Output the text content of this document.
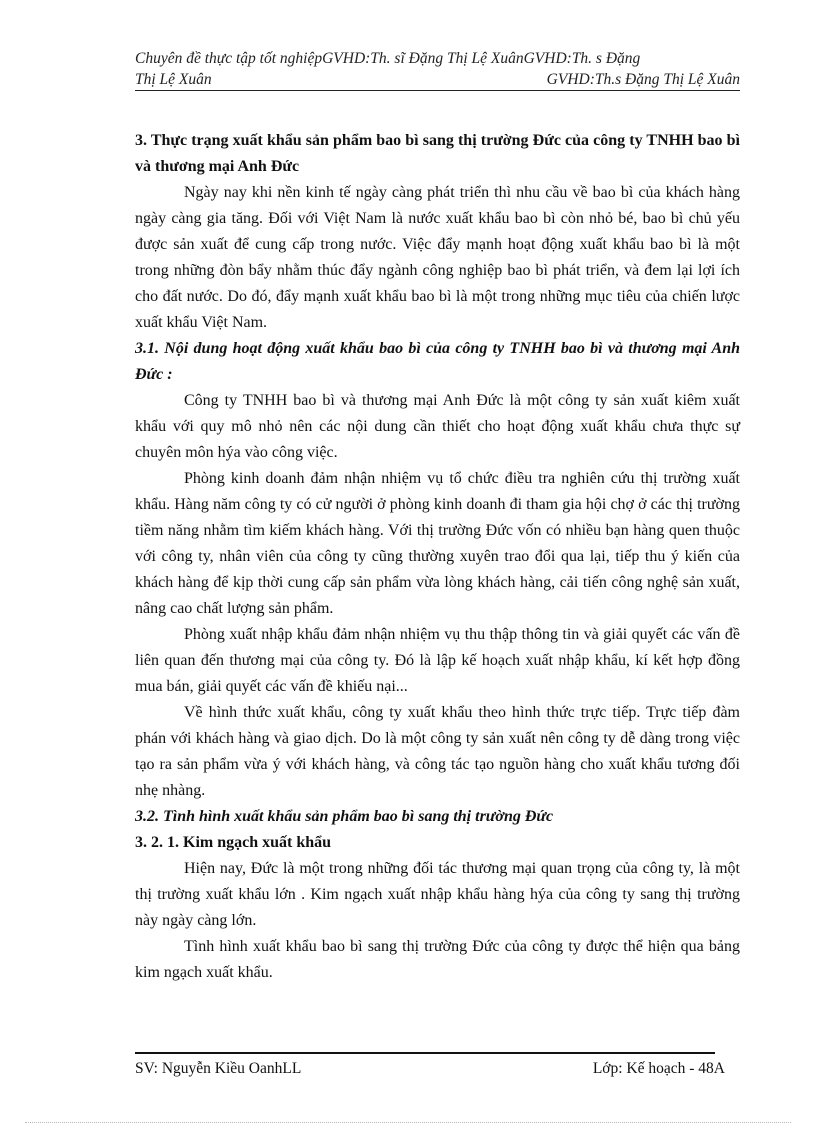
Chuyên đề thực tập tốt nghiệpGVHD:Th. sĩ Đặng Thị Lệ XuânGVHD:Th. s Đặng
Thị Lệ Xuân	GVHD:Th.s Đặng Thị Lệ Xuân

3. Thực trạng xuất khẩu sản phẩm bao bì sang thị trường Đức của công ty TNHH bao bì và thương mại Anh Đức

Ngày nay khi nền kinh tế ngày càng phát triển thì nhu cầu về bao bì của khách hàng ngày càng gia tăng. Đối với Việt Nam là nước xuất khẩu bao bì còn nhỏ bé, bao bì chủ yếu được sản xuất để cung cấp trong nước. Việc đẩy mạnh hoạt động xuất khẩu bao bì là một trong những đòn bẩy nhằm thúc đẩy ngành công nghiệp bao bì phát triển, và đem lại lợi ích cho đất nước. Do đó, đẩy mạnh xuất khẩu bao bì là một trong những mục tiêu của chiến lược xuất khẩu Việt Nam.

3.1. Nội dung hoạt động xuất khẩu bao bì của công ty TNHH bao bì và thương mại Anh Đức :

Công ty TNHH bao bì và thương mại Anh Đức là một công ty sản xuất kiêm xuất khẩu với quy mô nhỏ nên các nội dung cần thiết cho hoạt động xuất khẩu chưa thực sự chuyên môn hýa vào công việc.

Phòng kinh doanh đảm nhận nhiệm vụ tổ chức điều tra nghiên cứu thị trường xuất khẩu. Hàng năm công ty có cử người ở phòng kinh doanh đi tham gia hội chợ ở các thị trường tiềm năng nhằm tìm kiếm khách hàng. Với thị trường Đức vốn có nhiều bạn hàng quen thuộc với công ty, nhân viên của công ty cũng thường xuyên trao đổi qua lại, tiếp thu ý kiến của khách hàng để kịp thời cung cấp sản phẩm vừa lòng khách hàng, cải tiến công nghệ sản xuất, nâng cao chất lượng sản phẩm.

Phòng xuất nhập khẩu đảm nhận nhiệm vụ thu thập thông tin và giải quyết các vấn đề liên quan đến thương mại của công ty. Đó là lập kế hoạch xuất nhập khẩu, kí kết hợp đồng mua bán, giải quyết các vấn đề khiếu nại...

Về hình thức xuất khẩu, công ty xuất khẩu theo hình thức trực tiếp. Trực tiếp đàm phán với khách hàng và giao dịch. Do là một công ty sản xuất nên công ty dễ dàng trong việc tạo ra sản phẩm vừa ý với khách hàng, và công tác tạo nguồn hàng cho xuất khẩu tương đối nhẹ nhàng.

3.2. Tình hình xuất khẩu sản phẩm bao bì sang thị trường Đức

3. 2. 1. Kim ngạch xuất khẩu

Hiện nay, Đức là một trong những đối tác thương mại quan trọng của công ty, là một thị trường xuất khẩu lớn . Kim ngạch xuất nhập khẩu hàng hýa của công ty sang thị trường này ngày càng lớn.

Tình hình xuất khẩu bao bì sang thị trường Đức của công ty được thể hiện qua bảng kim ngạch xuất khẩu.

SV: Nguyễn Kiều OanhLL	Lớp: Kế hoạch - 48A
